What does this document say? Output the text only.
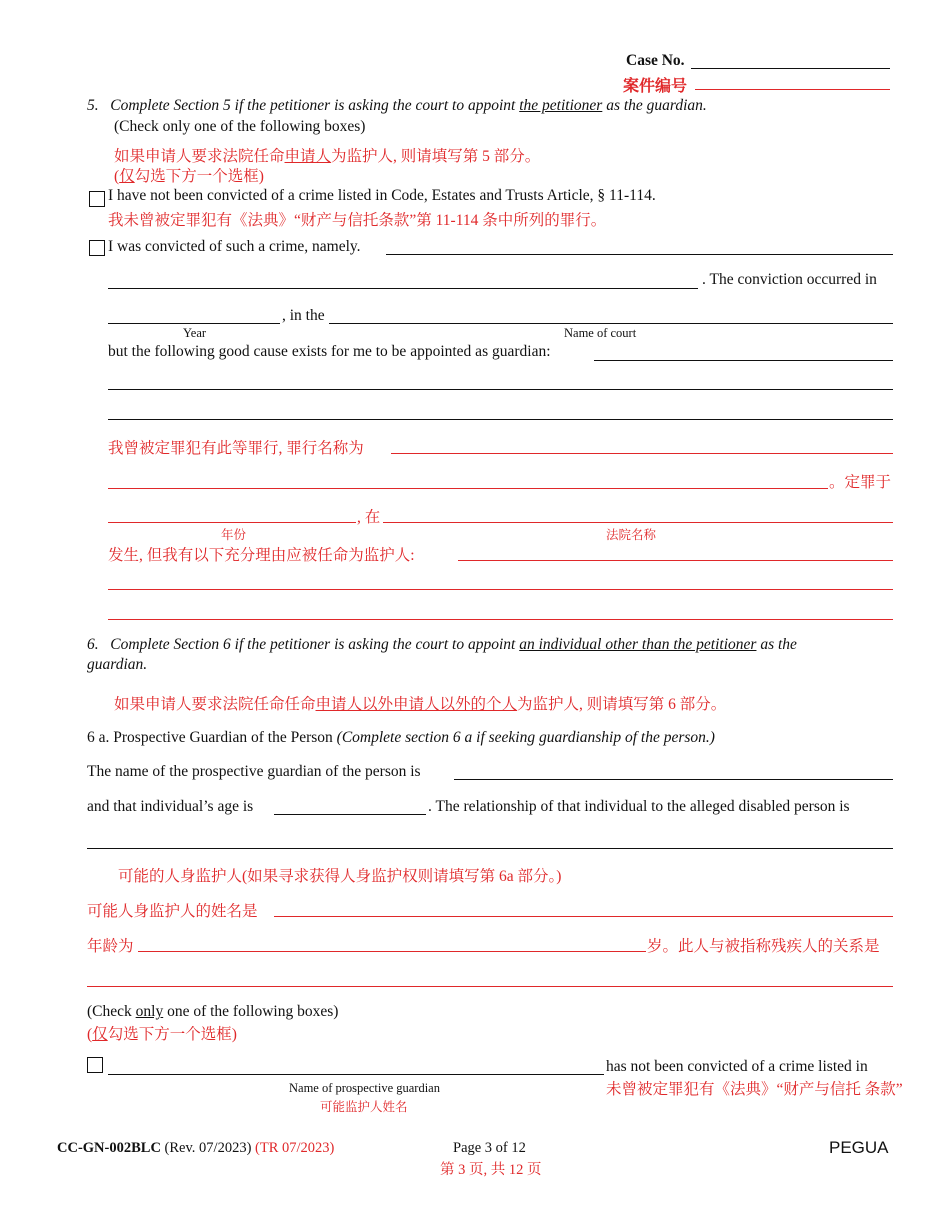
Case No.
案件编号
5. Complete Section 5 if the petitioner is asking the court to appoint the petitioner as the guardian.
(Check only one of the following boxes)
如果申请人要求法院任命申请人为监护人, 则请填写第 5 部分。
(仅勾选下方一个选框)
I have not been convicted of a crime listed in Code, Estates and Trusts Article, § 11-114.
我未曾被定罪犯有《法典》“财产与信托条款”第 11-114 条中所列的罪行。
I was convicted of such a crime, namely.
. The conviction occurred in
, in the
Year	Name of court
but the following good cause exists for me to be appointed as guardian:
我曾被定罪犯有此等罪行, 罪行名称为
。定罪于
, 在
年份	法院名称
发生, 但我有以下充分理由应被任命为监护人:
6. Complete Section 6 if the petitioner is asking the court to appoint an individual other than the petitioner as the
guardian.
如果申请人要求法院任命任命申请人以外申请人以外的个人为监护人, 则请填写第 6 部分。
6 a. Prospective Guardian of the Person (Complete section 6 a if seeking guardianship of the person.)
The name of the prospective guardian of the person is
and that individual’s age is	. The relationship of that individual to the alleged disabled person is
可能的人身监护人(如果寻求获得人身监护权则请填写第 6a 部分。)
可能人身监护人的姓名是
年龄为	岁。此人与被指称残疾人的关系是
(Check only one of the following boxes)
(仅勾选下方一个选框)
has not been convicted of a crime listed in
未曾被定罪犯有《法典》“财产与信托 条款”
Name of prospective guardian
可能监护人姓名
CC-GN-002BLC (Rev. 07/2023) (TR 07/2023)	Page 3 of 12
第 3 页, 共 12 页
PEGUA
